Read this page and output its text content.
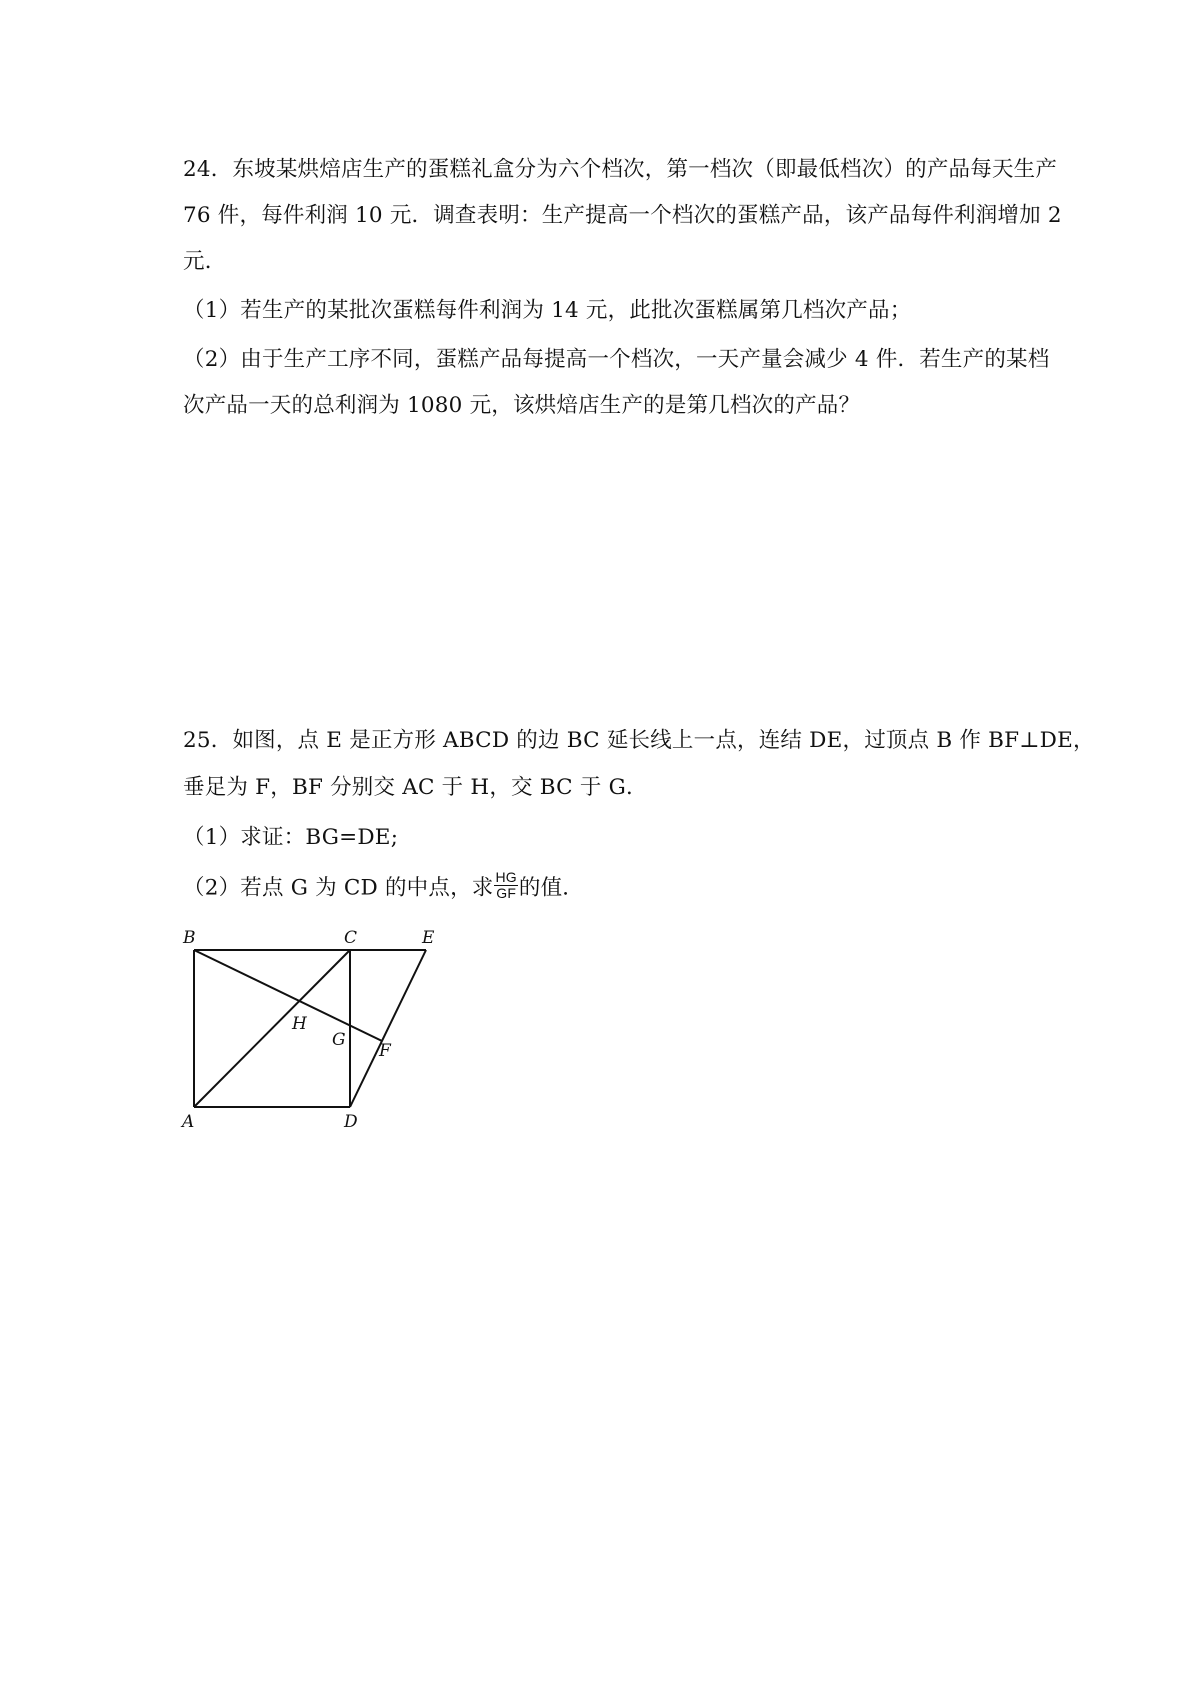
24．东坡某烘焙店生产的蛋糕礼盒分为六个档次，第一档次（即最低档次）的产品每天生产
76 件，每件利润 10 元．调查表明：生产提高一个档次的蛋糕产品，该产品每件利润增加 2
元．
（1）若生产的某批次蛋糕每件利润为 14 元，此批次蛋糕属第几档次产品；
（2）由于生产工序不同，蛋糕产品每提高一个档次，一天产量会减少 4 件．若生产的某档
次产品一天的总利润为 1080 元，该烘焙店生产的是第几档次的产品？
25．如图，点 E 是正方形 ABCD 的边 BC 延长线上一点，连结 DE，过顶点 B 作 BF⊥DE，
垂足为 F，BF 分别交 AC 于 H，交 BC 于 G．
（1）求证：BG=DE;
（2）若点 G 为 CD 的中点，求 $\frac{HG}{GF}$ 的值．
B	C	E
H
G
F
A	D
